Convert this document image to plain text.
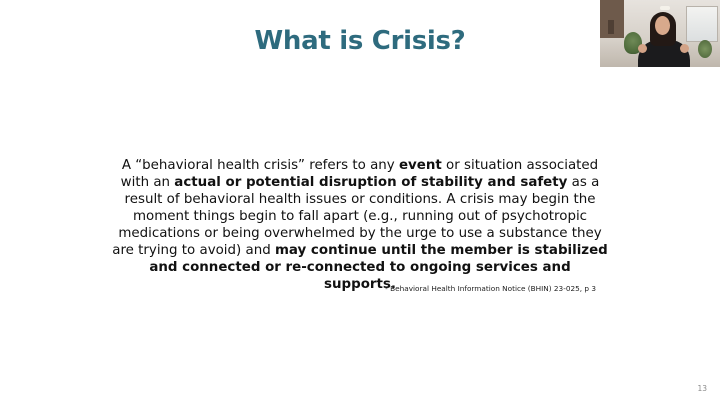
What is Crisis?
A “behavioral health crisis” refers to any event or situation associated with an actual or potential disruption of stability and safety as a result of behavioral health issues or conditions. A crisis may begin the moment things begin to fall apart (e.g., running out of psychotropic medications or being overwhelmed by the urge to use a substance they are trying to avoid) and may continue until the member is stabilized and connected or re-connected to ongoing services and supports.
- Behavioral Health Information Notice (BHIN) 23-025, p 3
13
